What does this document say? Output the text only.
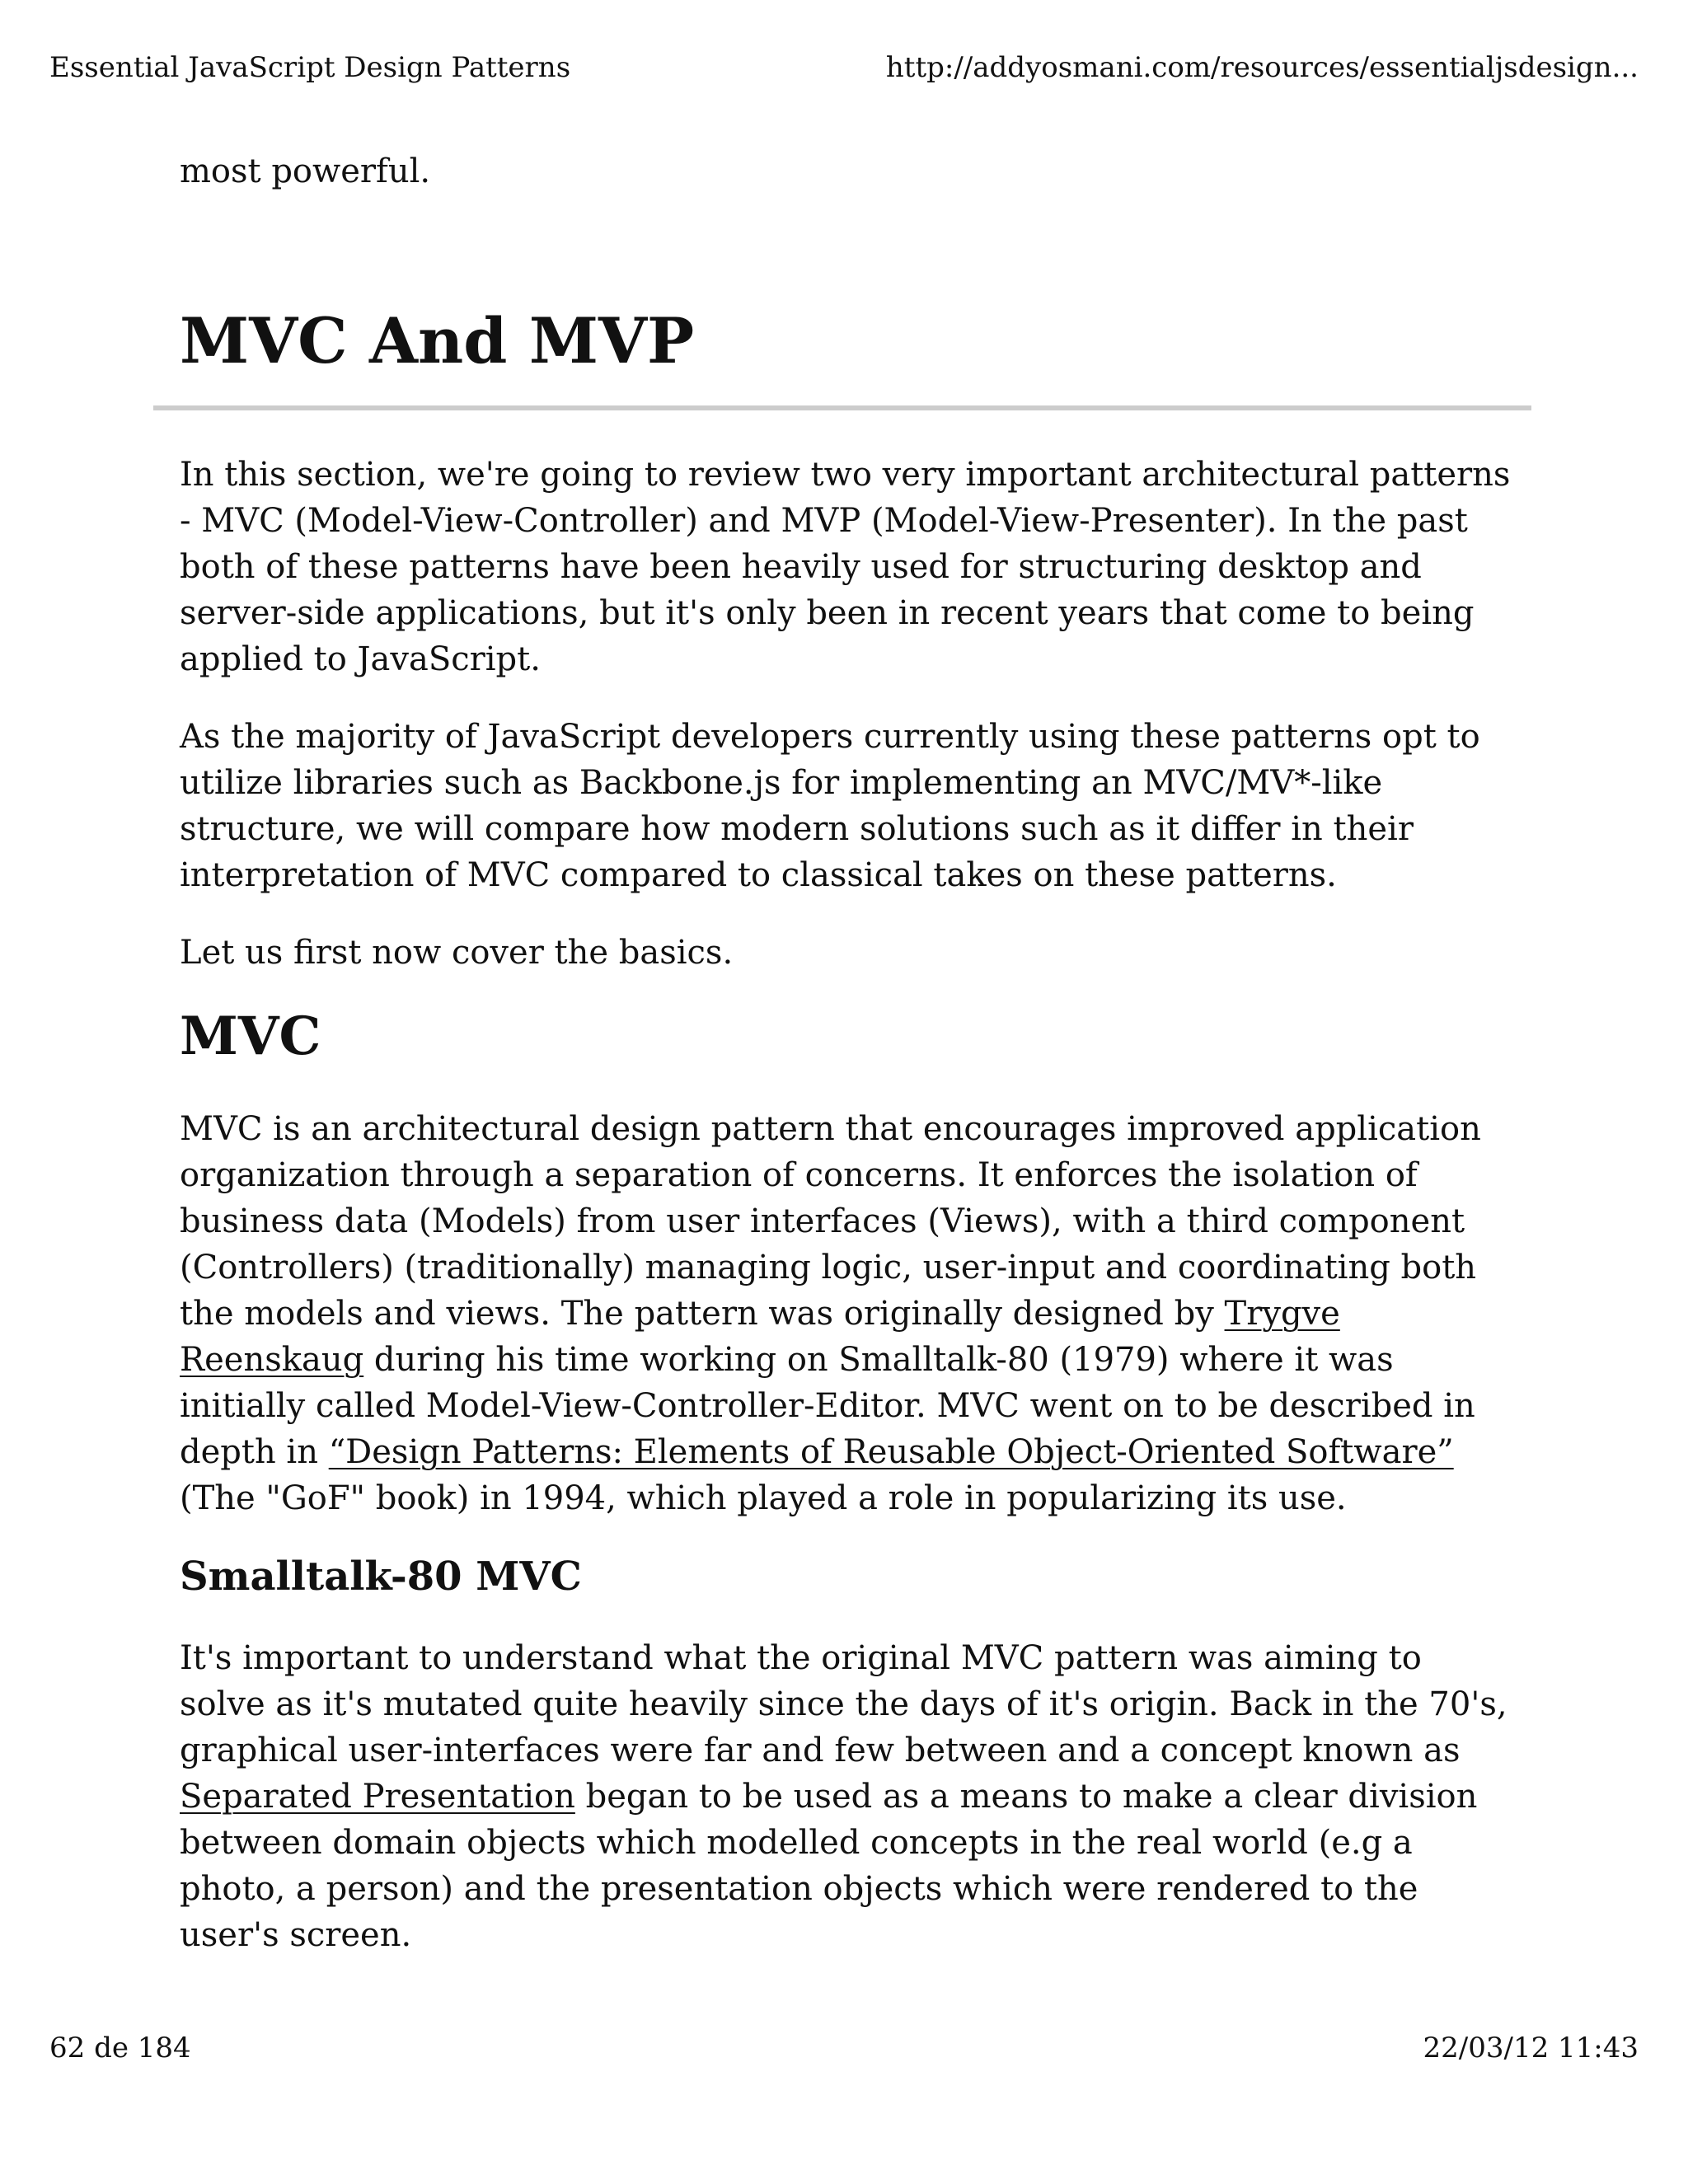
Essential JavaScript Design Patterns	http://addyosmani.com/resources/essentialjsdesign...

most powerful.

MVC And MVP

In this section, we're going to review two very important architectural patterns - MVC (Model-View-Controller) and MVP (Model-View-Presenter). In the past both of these patterns have been heavily used for structuring desktop and server-side applications, but it's only been in recent years that come to being applied to JavaScript.

As the majority of JavaScript developers currently using these patterns opt to utilize libraries such as Backbone.js for implementing an MVC/MV*-like structure, we will compare how modern solutions such as it differ in their interpretation of MVC compared to classical takes on these patterns.

Let us first now cover the basics.

MVC

MVC is an architectural design pattern that encourages improved application organization through a separation of concerns. It enforces the isolation of business data (Models) from user interfaces (Views), with a third component (Controllers) (traditionally) managing logic, user-input and coordinating both the models and views. The pattern was originally designed by Trygve Reenskaug during his time working on Smalltalk-80 (1979) where it was initially called Model-View-Controller-Editor. MVC went on to be described in depth in “Design Patterns: Elements of Reusable Object-Oriented Software” (The "GoF" book) in 1994, which played a role in popularizing its use.

Smalltalk-80 MVC

It's important to understand what the original MVC pattern was aiming to solve as it's mutated quite heavily since the days of it's origin. Back in the 70's, graphical user-interfaces were far and few between and a concept known as Separated Presentation began to be used as a means to make a clear division between domain objects which modelled concepts in the real world (e.g a photo, a person) and the presentation objects which were rendered to the user's screen.

62 de 184	22/03/12 11:43
